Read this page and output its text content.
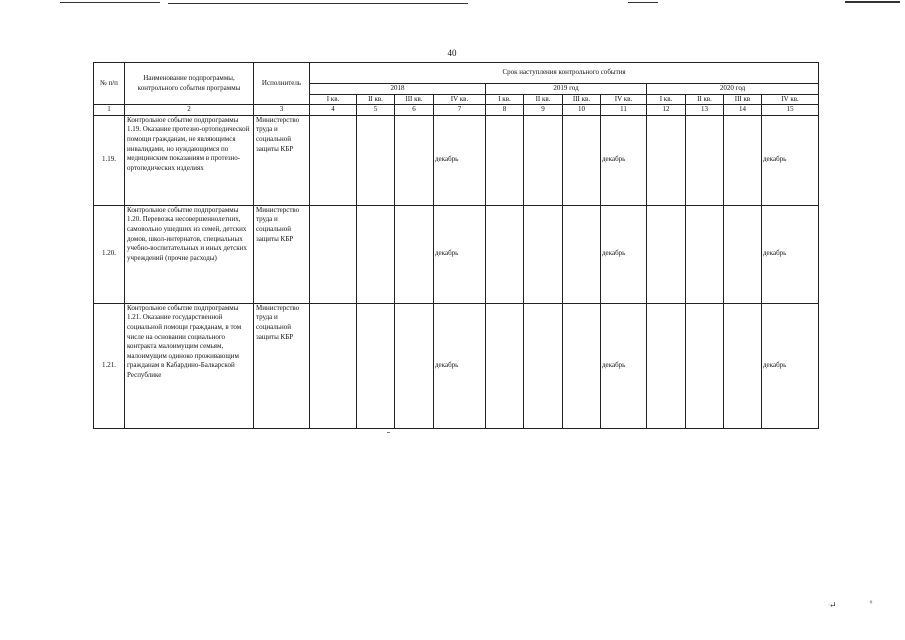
40
№ п/п	Наименование подпрограммы, контрольного события программы	Исполнитель	Срок наступления контрольного события											
			2018				2019 год				2020 год			
			I кв.	II кв.	III кв.	IV кв.	I кв.	II кв.	III кв.	IV кв.	I кв.	II кв.	III кв	IV кв.
1	2	3	4	5	6	7	8	9	10	11	12	13	14	15
1.19.	Контрольное событие подпрограммы 1.19. Оказание протезно-ортопедической помощи гражданам, не являющимся инвалидами, но нуждающимся по медицинским показаниям в протезно-ортопедических изделиях	Министерство труда и социальной защиты КБР				декабрь				декабрь				декабрь
1.20.	Контрольное событие подпрограммы 1.20. Перевозка несовершеннолетних, самовольно ушедших из семей, детских домов, школ-интернатов, специальных учебно-воспитательных и иных детских учреждений (прочие расходы)	Министерство труда и социальной защиты КБР				декабрь				декабрь				декабрь
1.21.	Контрольное событие подпрограммы 1.21. Оказание государственной социальной помощи гражданам, в том числе на основании социального контракта малоимущим семьям, малоимущим одиноко проживающим гражданам в Кабардино-Балкарской Республике	Министерство труда и социальной защиты КБР				декабрь				декабрь				декабрь
ּ↵	⊂ͦ
